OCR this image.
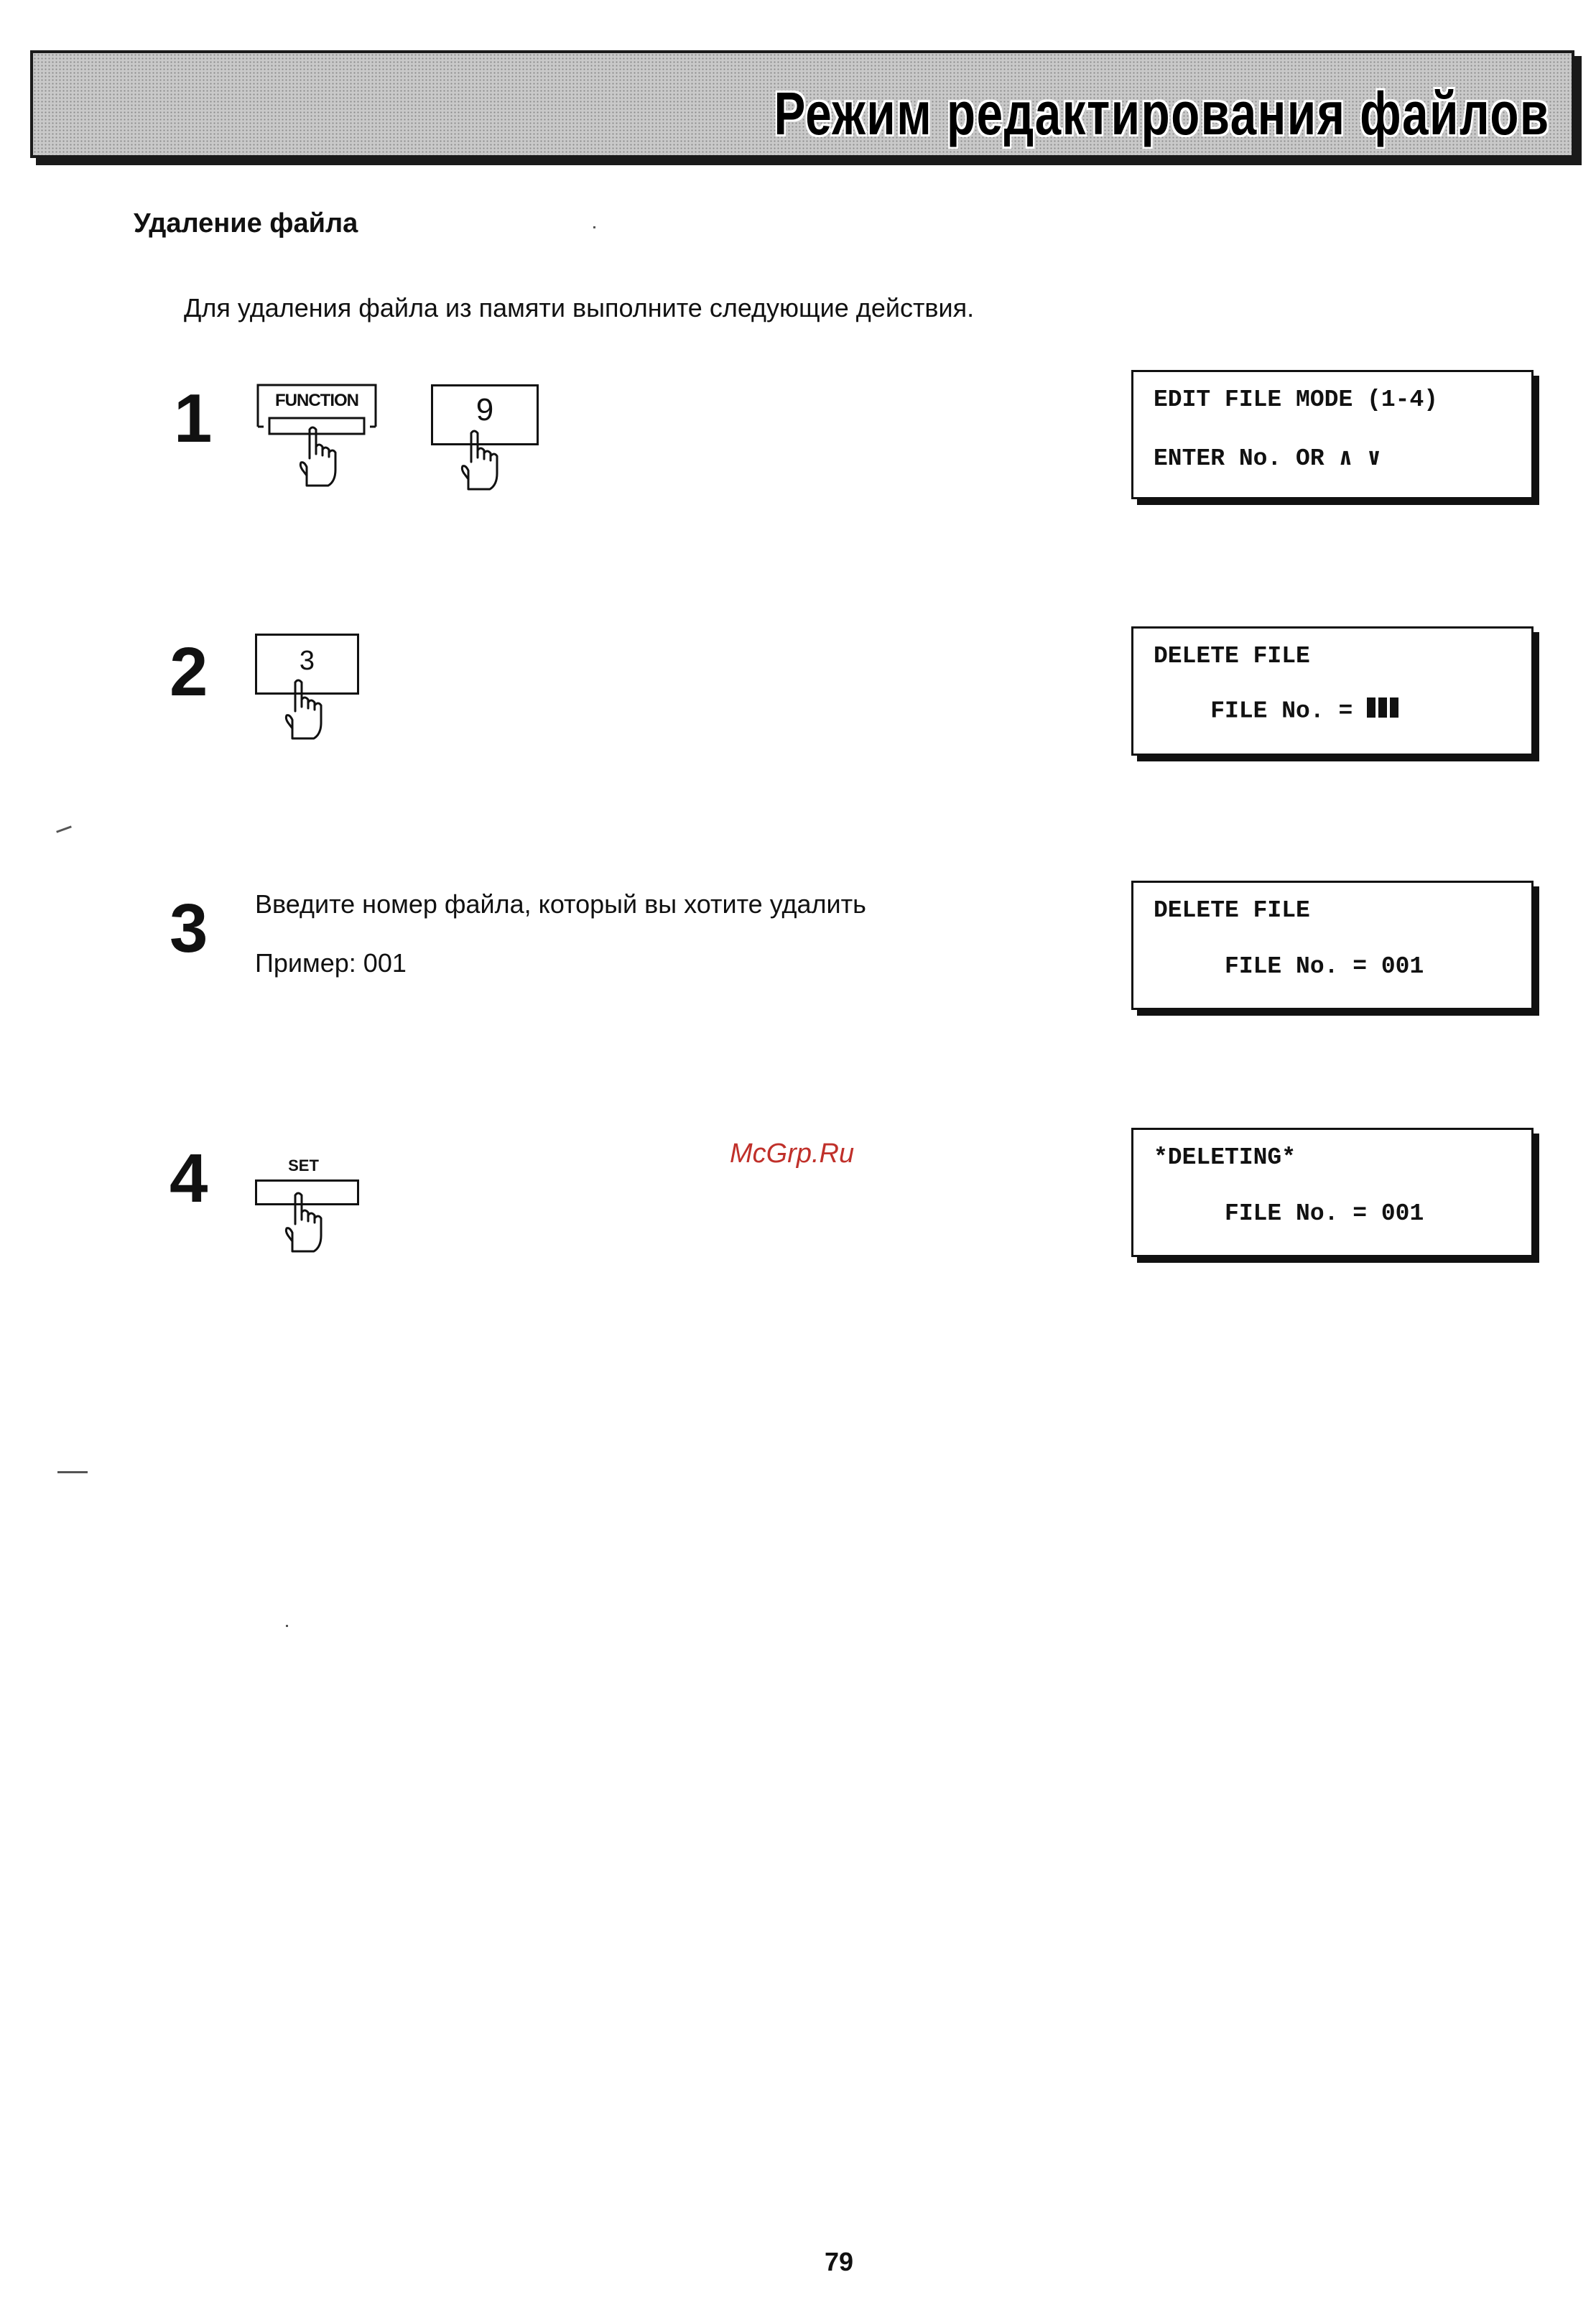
Режим редактирования файлов
Удаление файла
Для удаления файла из памяти выполните следующие действия.
1	FUNCTION	9	EDIT FILE MODE (1-4)
ENTER No. OR ∧ ∨
2	3	DELETE FILE
FILE No. =
3 Введите номер файла, который вы хотите удалить
Пример: 001
DELETE FILE
FILE No. = 001
4	SET	McGrp.Ru	*DELETING*
FILE No. = 001
79
